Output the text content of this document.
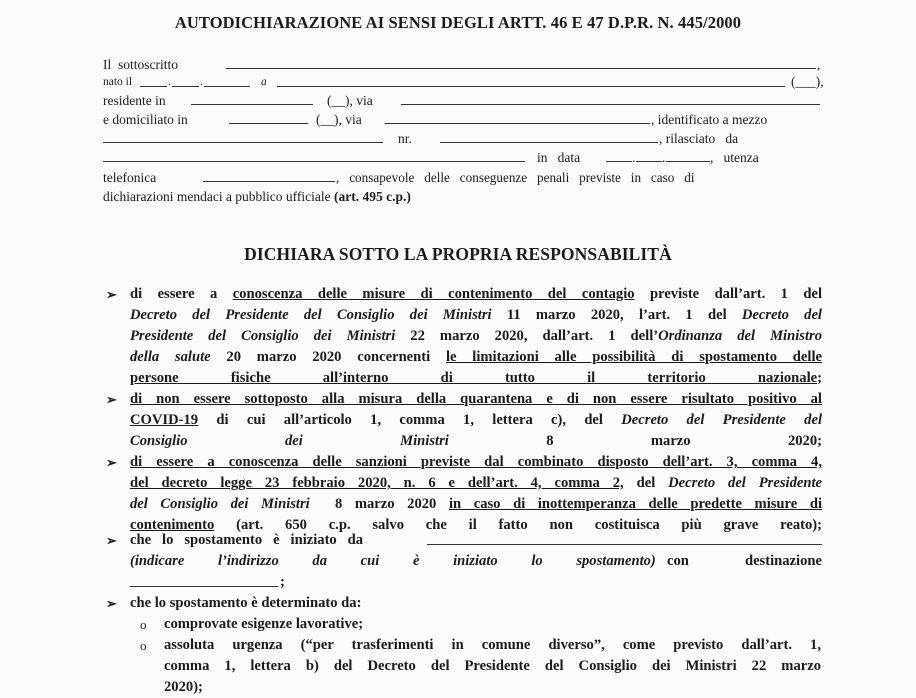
AUTODICHIARAZIONE AI SENSI DEGLI ARTT. 46 E 47 D.P.R. N. 445/2000
Il  sottoscritto	,
nato il	.	.	a	(___),
residente in	(__), via
e domiciliato in	(__), via	, identificato a mezzo
nr.	, rilasciato   da
in   data	. .	,   utenza
telefonica	,   consapevole   delle   conseguenze   penali   previste   in   caso   di
dichiarazioni mendaci a pubblico ufficiale (art. 495 c.p.)
DICHIARA SOTTO LA PROPRIA RESPONSABILITÀ
➢ di essere a conoscenza delle misure di contenimento del contagio previste dall’art. 1 del
Decreto del Presidente del Consiglio dei Ministri 11 marzo 2020, l’art. 1 del Decreto del
Presidente del Consiglio dei Ministri 22 marzo 2020, dall’art. 1 dell’Ordinanza del Ministro
della salute 20 marzo 2020 concernenti le limitazioni alle possibilità di spostamento delle
persone fisiche all’interno di tutto il territorio nazionale;
➢ di non essere sottoposto alla misura della quarantena e di non essere risultato positivo al
COVID-19 di cui all’articolo 1, comma 1, lettera c), del Decreto del Presidente del
Consiglio dei Ministri 8 marzo 2020;
➢ di essere a conoscenza delle sanzioni previste dal combinato disposto dell’art. 3, comma 4,
del decreto legge 23 febbraio 2020, n. 6 e dell’art. 4, comma 2, del Decreto del Presidente
del Consiglio dei Ministri  8 marzo 2020 in caso di inottemperanza delle predette misure di
contenimento (art. 650 c.p. salvo che il fatto non costituisca più grave reato);
➢ che   lo   spostamento   è   iniziato   da
(indicare   l’indirizzo   da   cui   è   iniziato   lo   spostamento) con     destinazione
;
➢ che lo spostamento è determinato da:
o comprovate esigenze lavorative;
o assoluta urgenza (“per trasferimenti in comune diverso”, come previsto dall’art. 1,
comma 1, lettera b) del Decreto del Presidente del Consiglio dei Ministri 22 marzo
2020);
